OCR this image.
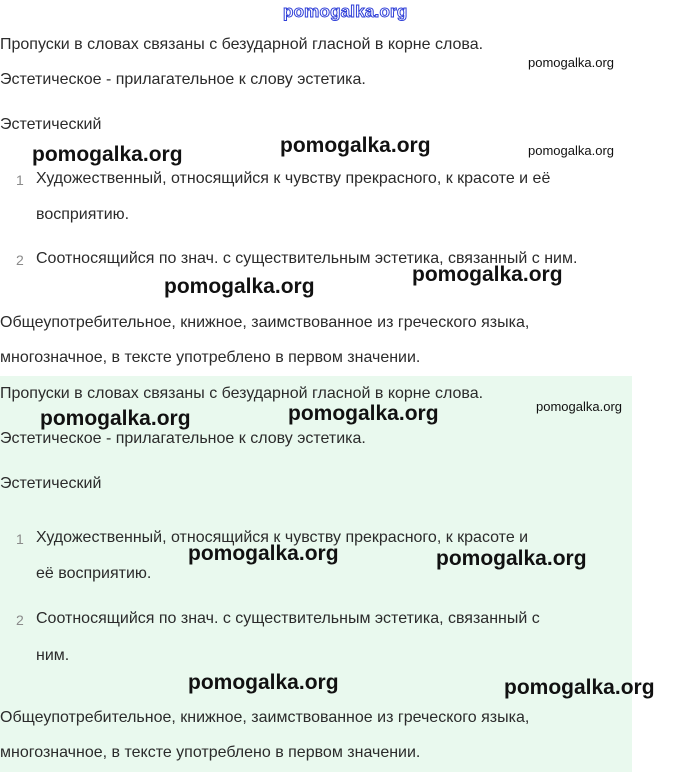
pomogalka.org
Пропуски в словах связаны с безударной гласной в корне слова.
Эстетическое - прилагательное к слову эстетика.
Эстетический
1 Художественный, относящийся к чувству прекрасного, к красоте и её
восприятию.
2 Соотносящийся по знач. с существительным эстетика, связанный с ним.
Общеупотребительное, книжное, заимствованное из греческого языка,
многозначное, в тексте употреблено в первом значении.
Пропуски в словах связаны с безударной гласной в корне слова.
Эстетическое - прилагательное к слову эстетика.
Эстетический
1 Художественный, относящийся к чувству прекрасного, к красоте и
её восприятию.
2 Соотносящийся по знач. с существительным эстетика, связанный с
ним.
Общеупотребительное, книжное, заимствованное из греческого языка,
многозначное, в тексте употреблено в первом значении.
pomogalka.org
pomogalka.org	pomogalka.org	pomogalka.org
pomogalka.org
pomogalka.org
pomogalka.org	pomogalka.org	pomogalka.org
pomogalka.org	pomogalka.org
pomogalka.org	pomogalka.org
